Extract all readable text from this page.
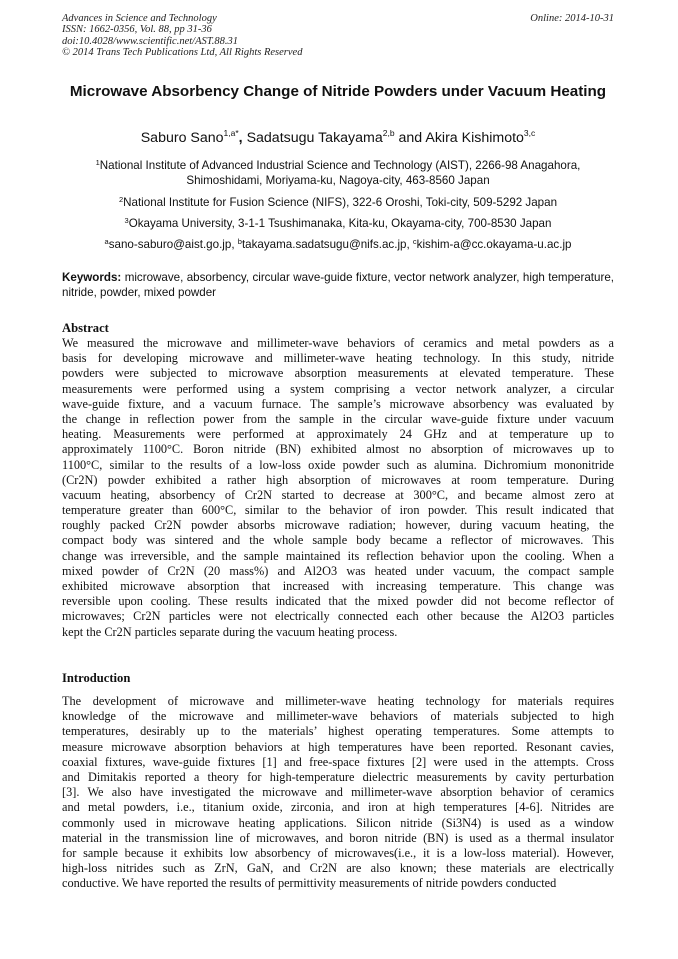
Advances in Science and Technology
ISSN: 1662-0356, Vol. 88, pp 31-36
doi:10.4028/www.scientific.net/AST.88.31
© 2014 Trans Tech Publications Ltd, All Rights Reserved
Online: 2014-10-31
Microwave Absorbency Change of Nitride Powders under Vacuum Heating
Saburo Sano$^{1,a*}$, Sadatsugu Takayama$^{2,b}$ and Akira Kishimoto$^{3,c}$
$^1$National Institute of Advanced Industrial Science and Technology (AIST), 2266-98 Anagahora, Shimoshidami, Moriyama-ku, Nagoya-city, 463-8560 Japan
$^2$National Institute for Fusion Science (NIFS), 322-6 Oroshi, Toki-city, 509-5292 Japan
$^3$Okayama University, 3-1-1 Tsushimanaka, Kita-ku, Okayama-city, 700-8530 Japan
$^a$sano-saburo@aist.go.jp, $^b$takayama.sadatsugu@nifs.ac.jp, $^c$kishim-a@cc.okayama-u.ac.jp
Keywords: microwave, absorbency, circular wave-guide fixture, vector network analyzer, high temperature, nitride, powder, mixed powder
Abstract
We measured the microwave and millimeter-wave behaviors of ceramics and metal powders as a
basis for developing microwave and millimeter-wave heating technology. In this study, nitride
powders were subjected to microwave absorption measurements at elevated temperature. These
measurements were performed using a system comprising a vector network analyzer, a circular
wave-guide fixture, and a vacuum furnace. The sample’s microwave absorbency was evaluated by
the change in reflection power from the sample in the circular wave-guide fixture under vacuum
heating. Measurements were performed at approximately 24 GHz and at temperature up to
approximately 1100°C. Boron nitride (BN) exhibited almost no absorption of microwaves up to
1100°C, similar to the results of a low-loss oxide powder such as alumina. Dichromium mononitride
(Cr2N) powder exhibited a rather high absorption of microwaves at room temperature. During
vacuum heating, absorbency of Cr2N started to decrease at 300°C, and became almost zero at
temperature greater than 600°C, similar to the behavior of iron powder. This result indicated that
roughly packed Cr2N powder absorbs microwave radiation; however, during vacuum heating, the
compact body was sintered and the whole sample body became a reflector of microwaves. This
change was irreversible, and the sample maintained its reflection behavior upon the cooling. When a
mixed powder of Cr2N (20 mass%) and Al2O3 was heated under vacuum, the compact sample
exhibited microwave absorption that increased with increasing temperature. This change was
reversible upon cooling. These results indicated that the mixed powder did not become reflector of
microwaves; Cr2N particles were not electrically connected each other because the Al2O3 particles
kept the Cr2N particles separate during the vacuum heating process.
Introduction
The development of microwave and millimeter-wave heating technology for materials requires
knowledge of the microwave and millimeter-wave behaviors of materials subjected to high
temperatures, desirably up to the materials’ highest operating temperatures. Some attempts to
measure microwave absorption behaviors at high temperatures have been reported. Resonant cavies,
coaxial fixtures, wave-guide fixtures [1] and free-space fixtures [2] were used in the attempts. Cross
and Dimitakis reported a theory for high-temperature dielectric measurements by cavity perturbation
[3]. We also have investigated the microwave and millimeter-wave absorption behavior of ceramics
and metal powders, i.e., titanium oxide, zirconia, and iron at high temperatures [4-6]. Nitrides are
commonly used in microwave heating applications. Silicon nitride (Si3N4) is used as a window
material in the transmission line of microwaves, and boron nitride (BN) is used as a thermal insulator
for sample because it exhibits low absorbency of microwaves(i.e., it is a low-loss material). However,
high-loss nitrides such as ZrN, GaN, and Cr2N are also known; these materials are electrically
conductive. We have reported the results of permittivity measurements of nitride powders conducted
